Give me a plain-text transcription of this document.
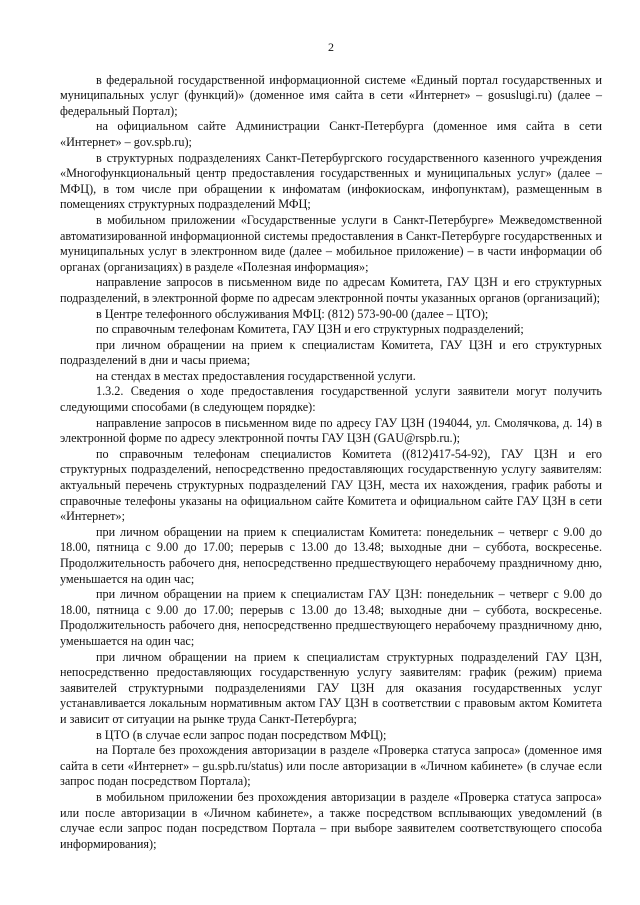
2

в федеральной государственной информационной системе «Единый портал государственных и муниципальных услуг (функций)» (доменное имя сайта в сети «Интернет» – gosuslugi.ru) (далее – федеральный Портал);

на официальном сайте Администрации Санкт-Петербурга (доменное имя сайта в сети «Интернет» – gov.spb.ru);

в структурных подразделениях Санкт-Петербургского государственного казенного учреждения «Многофункциональный центр предоставления государственных и муниципальных услуг» (далее – МФЦ), в том числе при обращении к инфоматам (инфокиоскам, инфопунктам), размещенным в помещениях структурных подразделений МФЦ;

в мобильном приложении «Государственные услуги в Санкт-Петербурге» Межведомственной автоматизированной информационной системы предоставления в Санкт-Петербурге государственных и муниципальных услуг в электронном виде (далее – мобильное приложение) – в части информации об органах (организациях) в разделе «Полезная информация»;

направление запросов в письменном виде по адресам Комитета, ГАУ ЦЗН и его структурных подразделений, в электронной форме по адресам электронной почты указанных органов (организаций);

в Центре телефонного обслуживания МФЦ: (812) 573-90-00 (далее – ЦТО);

по справочным телефонам Комитета, ГАУ ЦЗН и его структурных подразделений;

при личном обращении на прием к специалистам Комитета, ГАУ ЦЗН и его структурных подразделений в дни и часы приема;

на стендах в местах предоставления государственной услуги.

1.3.2. Сведения о ходе предоставления государственной услуги заявители могут получить следующими способами (в следующем порядке):

направление запросов в письменном виде по адресу ГАУ ЦЗН (194044, ул. Смолячкова, д. 14) в электронной форме по адресу электронной почты ГАУ ЦЗН (GAU@rspb.ru.);

по справочным телефонам специалистов Комитета ((812)417-54-92), ГАУ ЦЗН и его структурных подразделений, непосредственно предоставляющих государственную услугу заявителям: актуальный перечень структурных подразделений ГАУ ЦЗН, места их нахождения, график работы и справочные телефоны указаны на официальном сайте Комитета и официальном сайте ГАУ ЦЗН в сети «Интернет»;

при личном обращении на прием к специалистам Комитета: понедельник – четверг с 9.00 до 18.00, пятница с 9.00 до 17.00; перерыв с 13.00 до 13.48; выходные дни – суббота, воскресенье. Продолжительность рабочего дня, непосредственно предшествующего нерабочему праздничному дню, уменьшается на один час;

при личном обращении на прием к специалистам ГАУ ЦЗН: понедельник – четверг с 9.00 до 18.00, пятница с 9.00 до 17.00; перерыв с 13.00 до 13.48; выходные дни – суббота, воскресенье. Продолжительность рабочего дня, непосредственно предшествующего нерабочему праздничному дню, уменьшается на один час;

при личном обращении на прием к специалистам структурных подразделений ГАУ ЦЗН, непосредственно предоставляющих государственную услугу заявителям: график (режим) приема заявителей структурными подразделениями ГАУ ЦЗН для оказания государственных услуг устанавливается локальным нормативным актом ГАУ ЦЗН в соответствии с правовым актом Комитета и зависит от ситуации на рынке труда Санкт-Петербурга;

в ЦТО (в случае если запрос подан посредством МФЦ);

на Портале без прохождения авторизации в разделе «Проверка статуса запроса» (доменное имя сайта в сети «Интернет» – gu.spb.ru/status) или после авторизации в «Личном кабинете» (в случае если запрос подан посредством Портала);

в мобильном приложении без прохождения авторизации в разделе «Проверка статуса запроса» или после авторизации в «Личном кабинете», а также посредством всплывающих уведомлений (в случае если запрос подан посредством Портала – при выборе заявителем соответствующего способа информирования);
